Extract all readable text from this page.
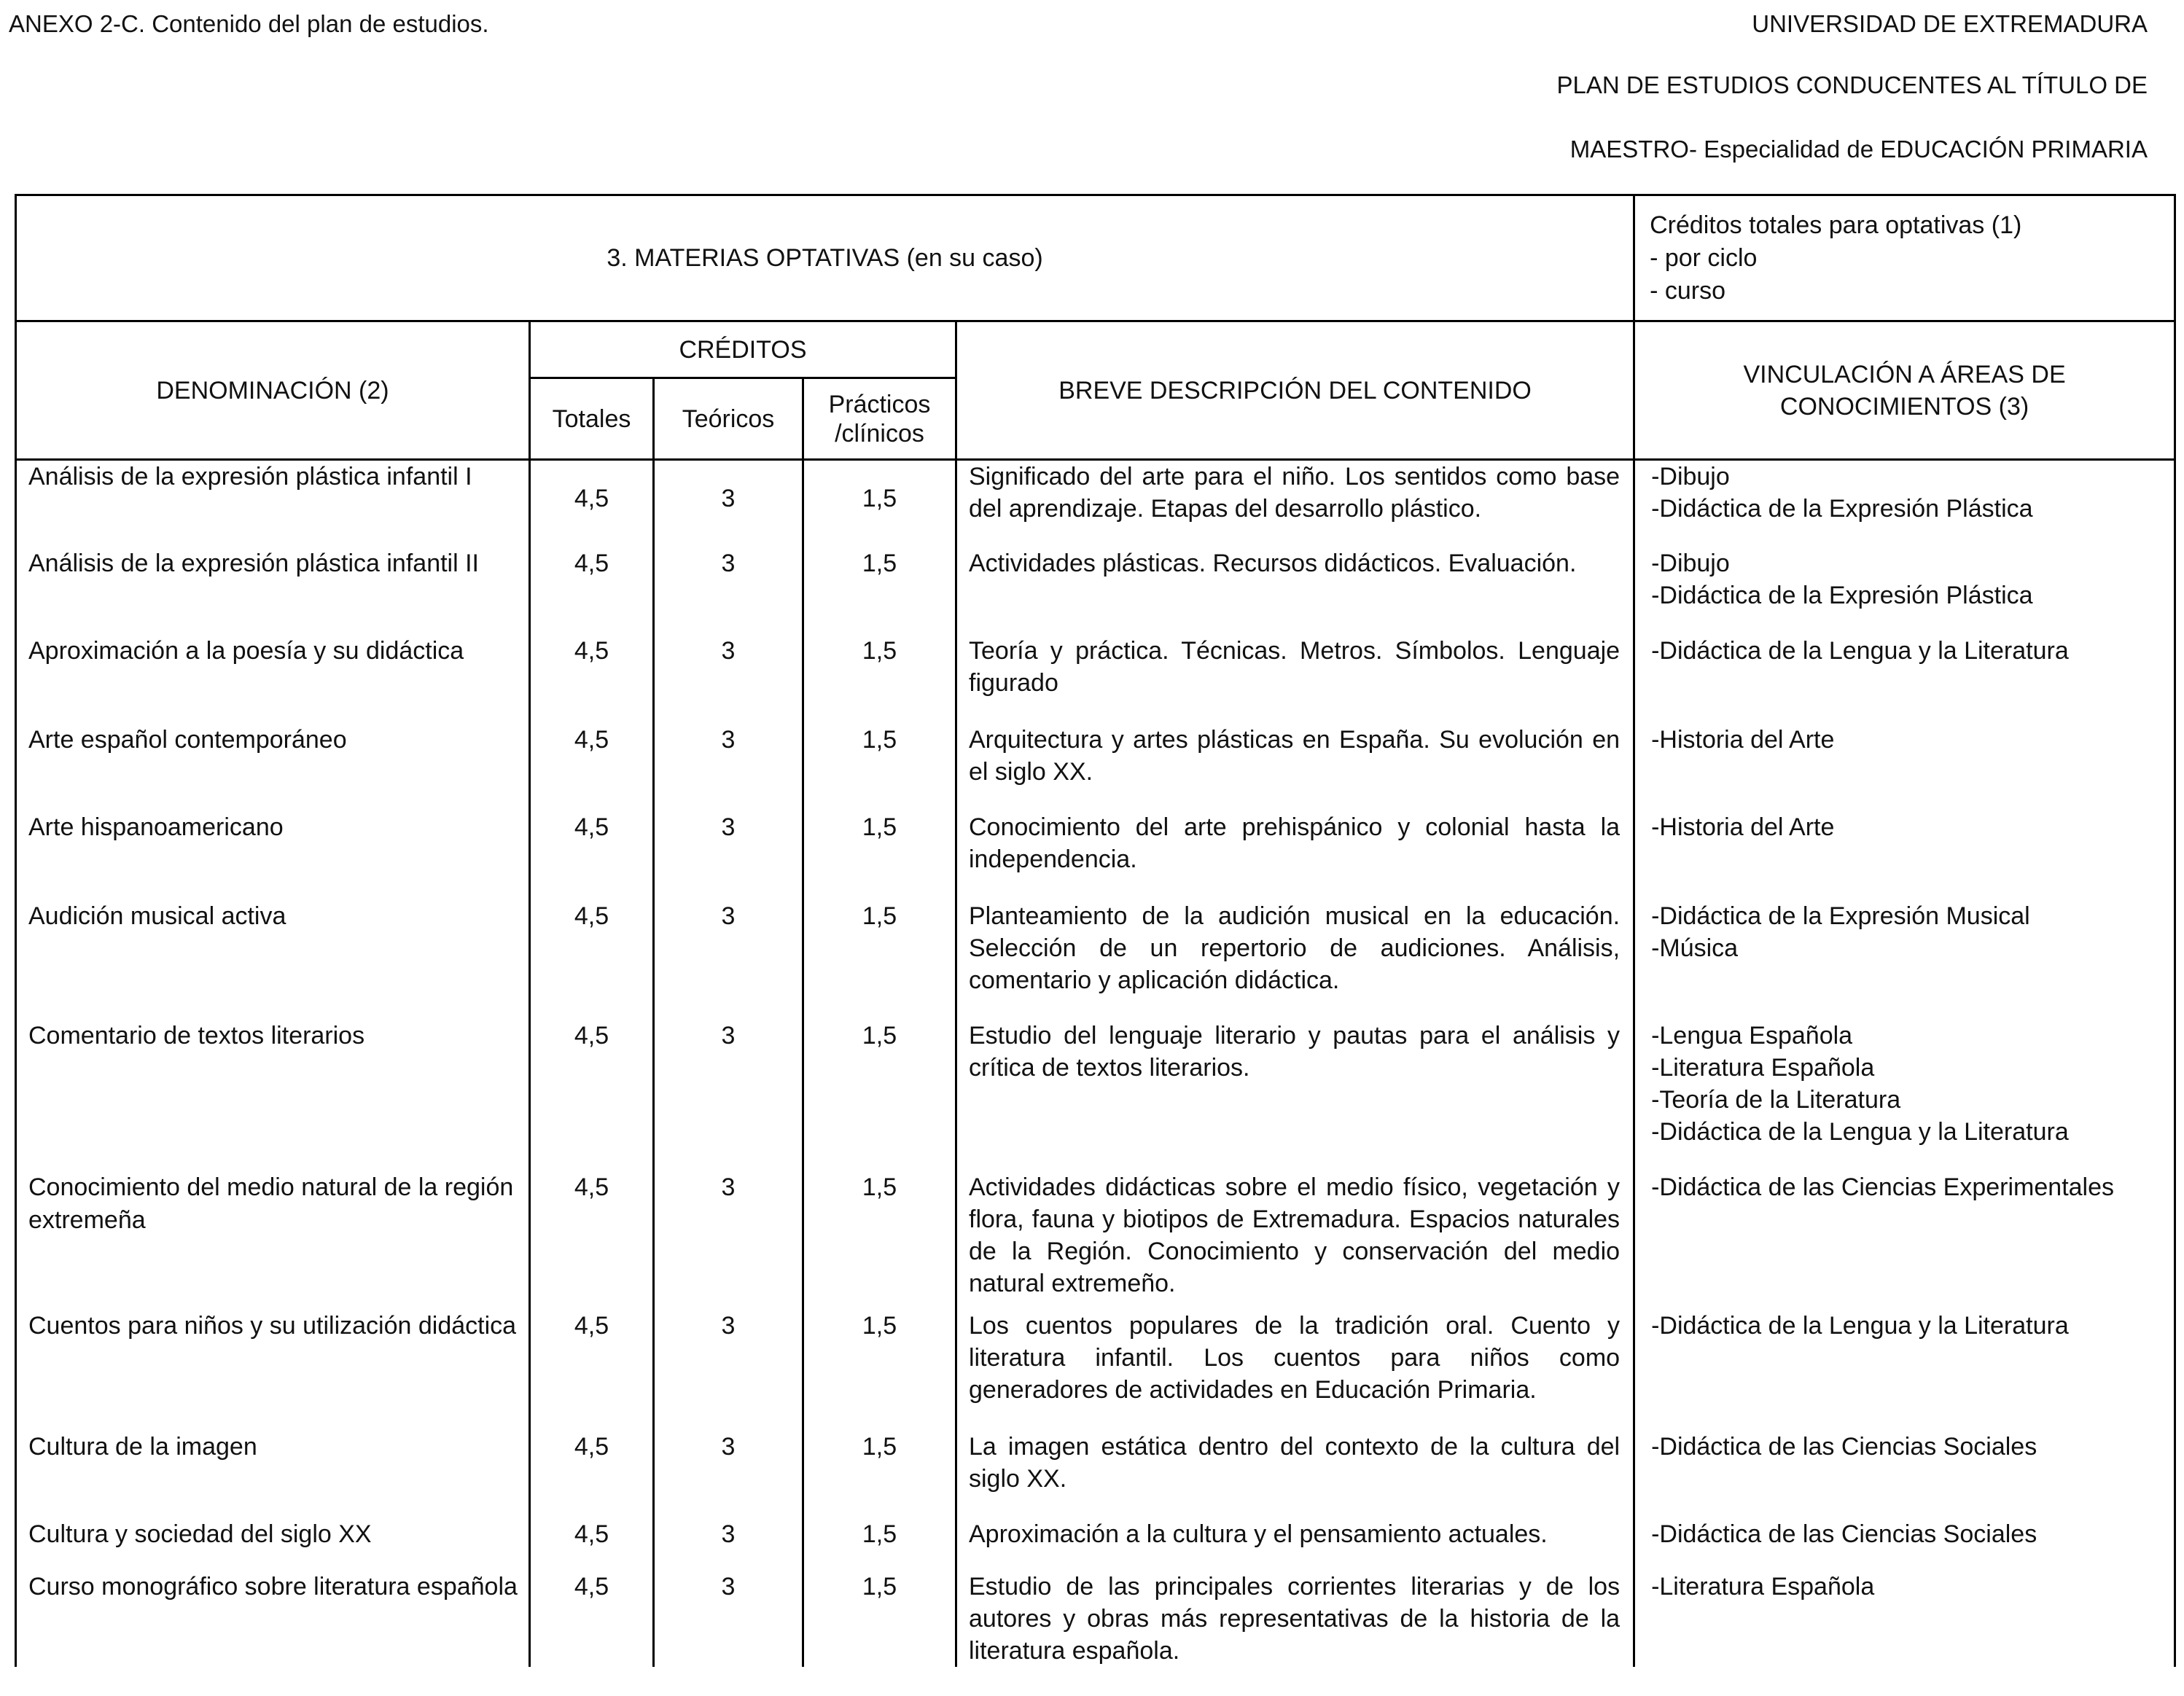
ANEXO 2-C. Contenido del plan de estudios.	UNIVERSIDAD DE EXTREMADURA
PLAN DE ESTUDIOS CONDUCENTES AL TÍTULO DE
MAESTRO- Especialidad de EDUCACIÓN PRIMARIA
3. MATERIAS OPTATIVAS (en su caso)					Créditos totales para optativas (1)
- por ciclo
- curso

DENOMINACIÓN (2)	CRÉDITOS			BREVE DESCRIPCIÓN DEL CONTENIDO	VINCULACIÓN A ÁREAS DE
CONOCIMIENTOS (3)

	Totales	Teóricos	Prácticos
/clínicos		

Análisis de la expresión plástica infantil I	4,5	3	1,5	Significado del arte para el niño. Los sentidos como base del aprendizaje. Etapas del desarrollo plástico.	-Dibujo
-Didáctica de la Expresión Plástica

Análisis de la expresión plástica infantil II	4,5	3	1,5	Actividades plásticas. Recursos didácticos. Evaluación.	-Dibujo
-Didáctica de la Expresión Plástica

Aproximación a la poesía y su didáctica	4,5	3	1,5	Teoría y práctica. Técnicas. Metros. Símbolos. Lenguaje figurado	-Didáctica de la Lengua y la Literatura

Arte español contemporáneo	4,5	3	1,5	Arquitectura y artes plásticas en España. Su evolución en el siglo XX.	-Historia del Arte

Arte hispanoamericano	4,5	3	1,5	Conocimiento del arte prehispánico y colonial hasta la independencia.	-Historia del Arte

Audición musical activa	4,5	3	1,5	Planteamiento de la audición musical en la educación. Selección de un repertorio de audiciones. Análisis, comentario y aplicación didáctica.	-Didáctica de la Expresión Musical
-Música

Comentario de textos literarios	4,5	3	1,5	Estudio del lenguaje literario y pautas para el análisis y crítica de textos literarios.	-Lengua Española
-Literatura Española
-Teoría de la Literatura
-Didáctica de la Lengua y la Literatura

Conocimiento del medio natural de la región extremeña	4,5	3	1,5	Actividades didácticas sobre el medio físico, vegetación y flora, fauna y biotipos de Extremadura. Espacios naturales de la Región. Conocimiento y conservación del medio natural extremeño.	-Didáctica de las Ciencias Experimentales

Cuentos para niños y su utilización didáctica	4,5	3	1,5	Los cuentos populares de la tradición oral. Cuento y literatura infantil. Los cuentos para niños como generadores de actividades en Educación Primaria.	-Didáctica de la Lengua y la Literatura

Cultura de la imagen	4,5	3	1,5	La imagen estática dentro del contexto de la cultura del siglo XX.	-Didáctica de las Ciencias Sociales

Cultura y sociedad del siglo XX	4,5	3	1,5	Aproximación a la cultura y el pensamiento actuales.	-Didáctica de las Ciencias Sociales

Curso monográfico sobre literatura española	4,5	3	1,5	Estudio de las principales corrientes literarias y de los autores y obras más representativas de la historia de la literatura española.	-Literatura Española
